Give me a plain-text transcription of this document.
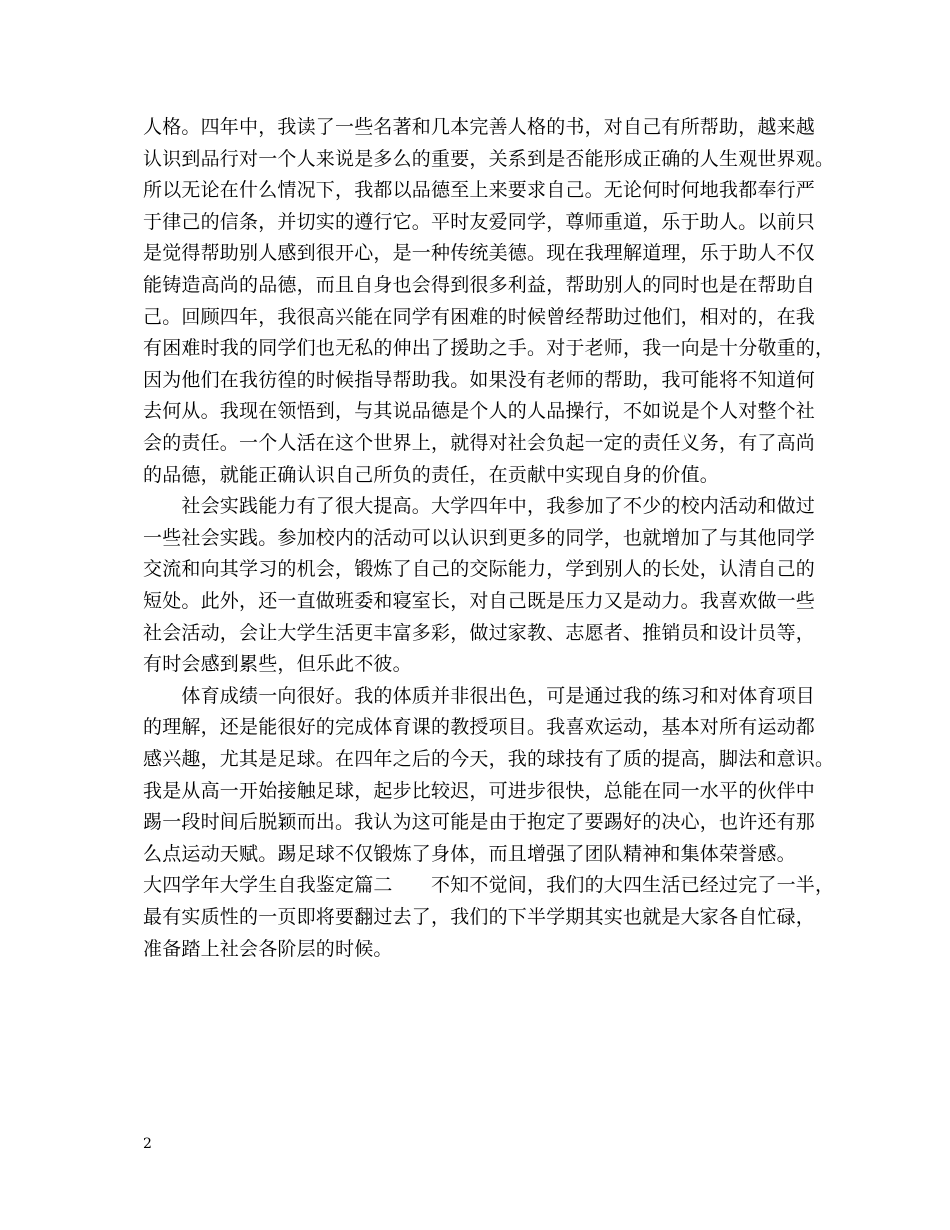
人格。四年中，我读了一些名著和几本完善人格的书，对自己有所帮助，越来越
认识到品行对一个人来说是多么的重要，关系到是否能形成正确的人生观世界观。
所以无论在什么情况下，我都以品德至上来要求自己。无论何时何地我都奉行严
于律己的信条，并切实的遵行它。平时友爱同学，尊师重道，乐于助人。以前只
是觉得帮助别人感到很开心，是一种传统美德。现在我理解道理，乐于助人不仅
能铸造高尚的品德，而且自身也会得到很多利益，帮助别人的同时也是在帮助自
己。回顾四年，我很高兴能在同学有困难的时候曾经帮助过他们，相对的，在我
有困难时我的同学们也无私的伸出了援助之手。对于老师，我一向是十分敬重的，
因为他们在我彷徨的时候指导帮助我。如果没有老师的帮助，我可能将不知道何
去何从。我现在领悟到，与其说品德是个人的人品操行，不如说是个人对整个社
会的责任。一个人活在这个世界上，就得对社会负起一定的责任义务，有了高尚
的品德，就能正确认识自己所负的责任，在贡献中实现自身的价值。
　　社会实践能力有了很大提高。大学四年中，我参加了不少的校内活动和做过
一些社会实践。参加校内的活动可以认识到更多的同学，也就增加了与其他同学
交流和向其学习的机会，锻炼了自己的交际能力，学到别人的长处，认清自己的
短处。此外，还一直做班委和寝室长，对自己既是压力又是动力。我喜欢做一些
社会活动，会让大学生活更丰富多彩，做过家教、志愿者、推销员和设计员等，
有时会感到累些，但乐此不彼。
　　体育成绩一向很好。我的体质并非很出色，可是通过我的练习和对体育项目
的理解，还是能很好的完成体育课的教授项目。我喜欢运动，基本对所有运动都
感兴趣，尤其是足球。在四年之后的今天，我的球技有了质的提高，脚法和意识。
我是从高一开始接触足球，起步比较迟，可进步很快，总能在同一水平的伙伴中
踢一段时间后脱颖而出。我认为这可能是由于抱定了要踢好的决心，也许还有那
么点运动天赋。踢足球不仅锻炼了身体，而且增强了团队精神和集体荣誉感。
大四学年大学生自我鉴定篇二　　不知不觉间，我们的大四生活已经过完了一半，
最有实质性的一页即将要翻过去了，我们的下半学期其实也就是大家各自忙碌，
准备踏上社会各阶层的时候。
2
